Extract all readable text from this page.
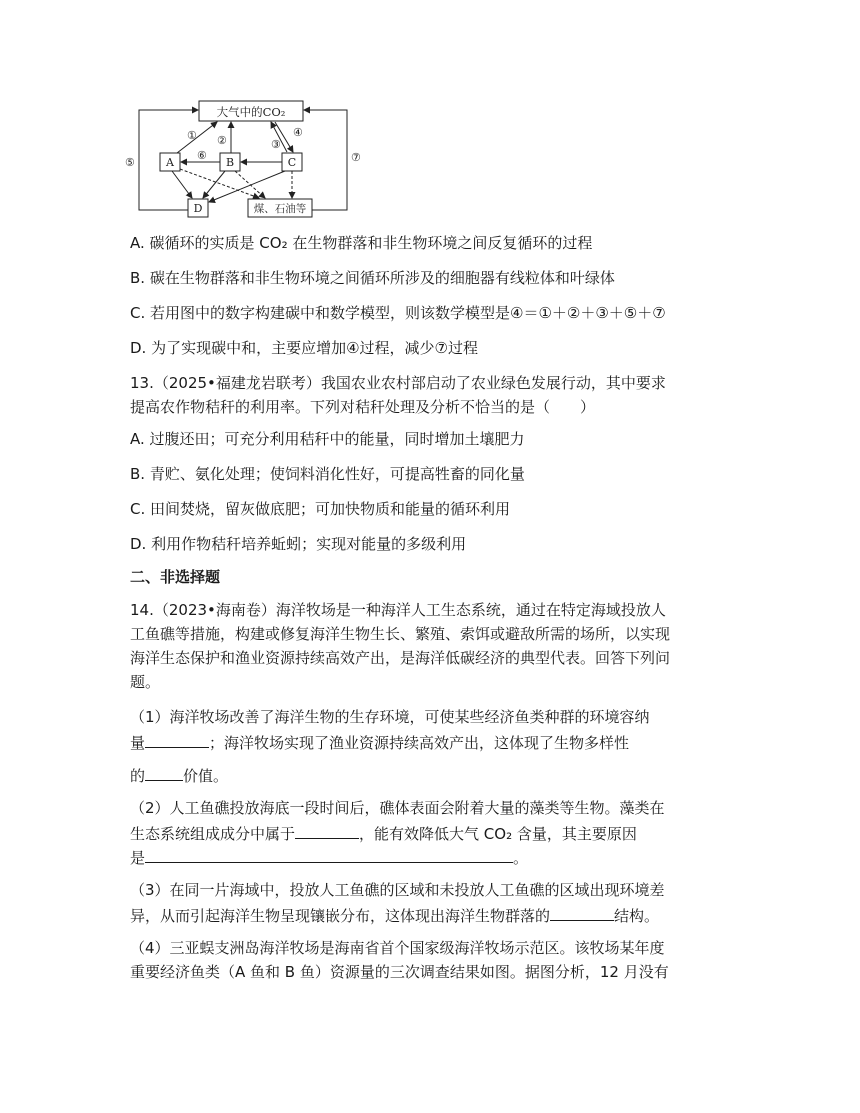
大气中的CO₂
A	B	C
D	煤、石油等
① ②	③
④
⑤
⑥	⑦
A. 碳循环的实质是 CO₂ 在生物群落和非生物环境之间反复循环的过程
B. 碳在生物群落和非生物环境之间循环所涉及的细胞器有线粒体和叶绿体
C. 若用图中的数字构建碳中和数学模型，则该数学模型是④＝①＋②＋③＋⑤＋⑦
D. 为了实现碳中和，主要应增加④过程，减少⑦过程
13.（2025•福建龙岩联考）我国农业农村部启动了农业绿色发展行动，其中要求
提高农作物秸秆的利用率。下列对秸秆处理及分析不恰当的是（　　）
A. 过腹还田；可充分利用秸秆中的能量，同时增加土壤肥力
B. 青贮、氨化处理；使饲料消化性好，可提高牲畜的同化量
C. 田间焚烧，留灰做底肥；可加快物质和能量的循环利用
D. 利用作物秸秆培养蚯蚓；实现对能量的多级利用
二、非选择题
14.（2023•海南卷）海洋牧场是一种海洋人工生态系统，通过在特定海域投放人
工鱼礁等措施，构建或修复海洋生物生长、繁殖、索饵或避敌所需的场所，以实现
海洋生态保护和渔业资源持续高效产出，是海洋低碳经济的典型代表。回答下列问
题。
（1）海洋牧场改善了海洋生物的生存环境，可使某些经济鱼类种群的环境容纳
量	；海洋牧场实现了渔业资源持续高效产出，这体现了生物多样性
的	价值。
（2）人工鱼礁投放海底一段时间后，礁体表面会附着大量的藻类等生物。藻类在
生态系统组成成分中属于	，能有效降低大气 CO₂ 含量，其主要原因
是	。
（3）在同一片海域中，投放人工鱼礁的区域和未投放人工鱼礁的区域出现环境差
异，从而引起海洋生物呈现镶嵌分布，这体现出海洋生物群落的	结构。
（4）三亚蜈支洲岛海洋牧场是海南省首个国家级海洋牧场示范区。该牧场某年度
重要经济鱼类（A 鱼和 B 鱼）资源量的三次调查结果如图。据图分析，12 月没有
